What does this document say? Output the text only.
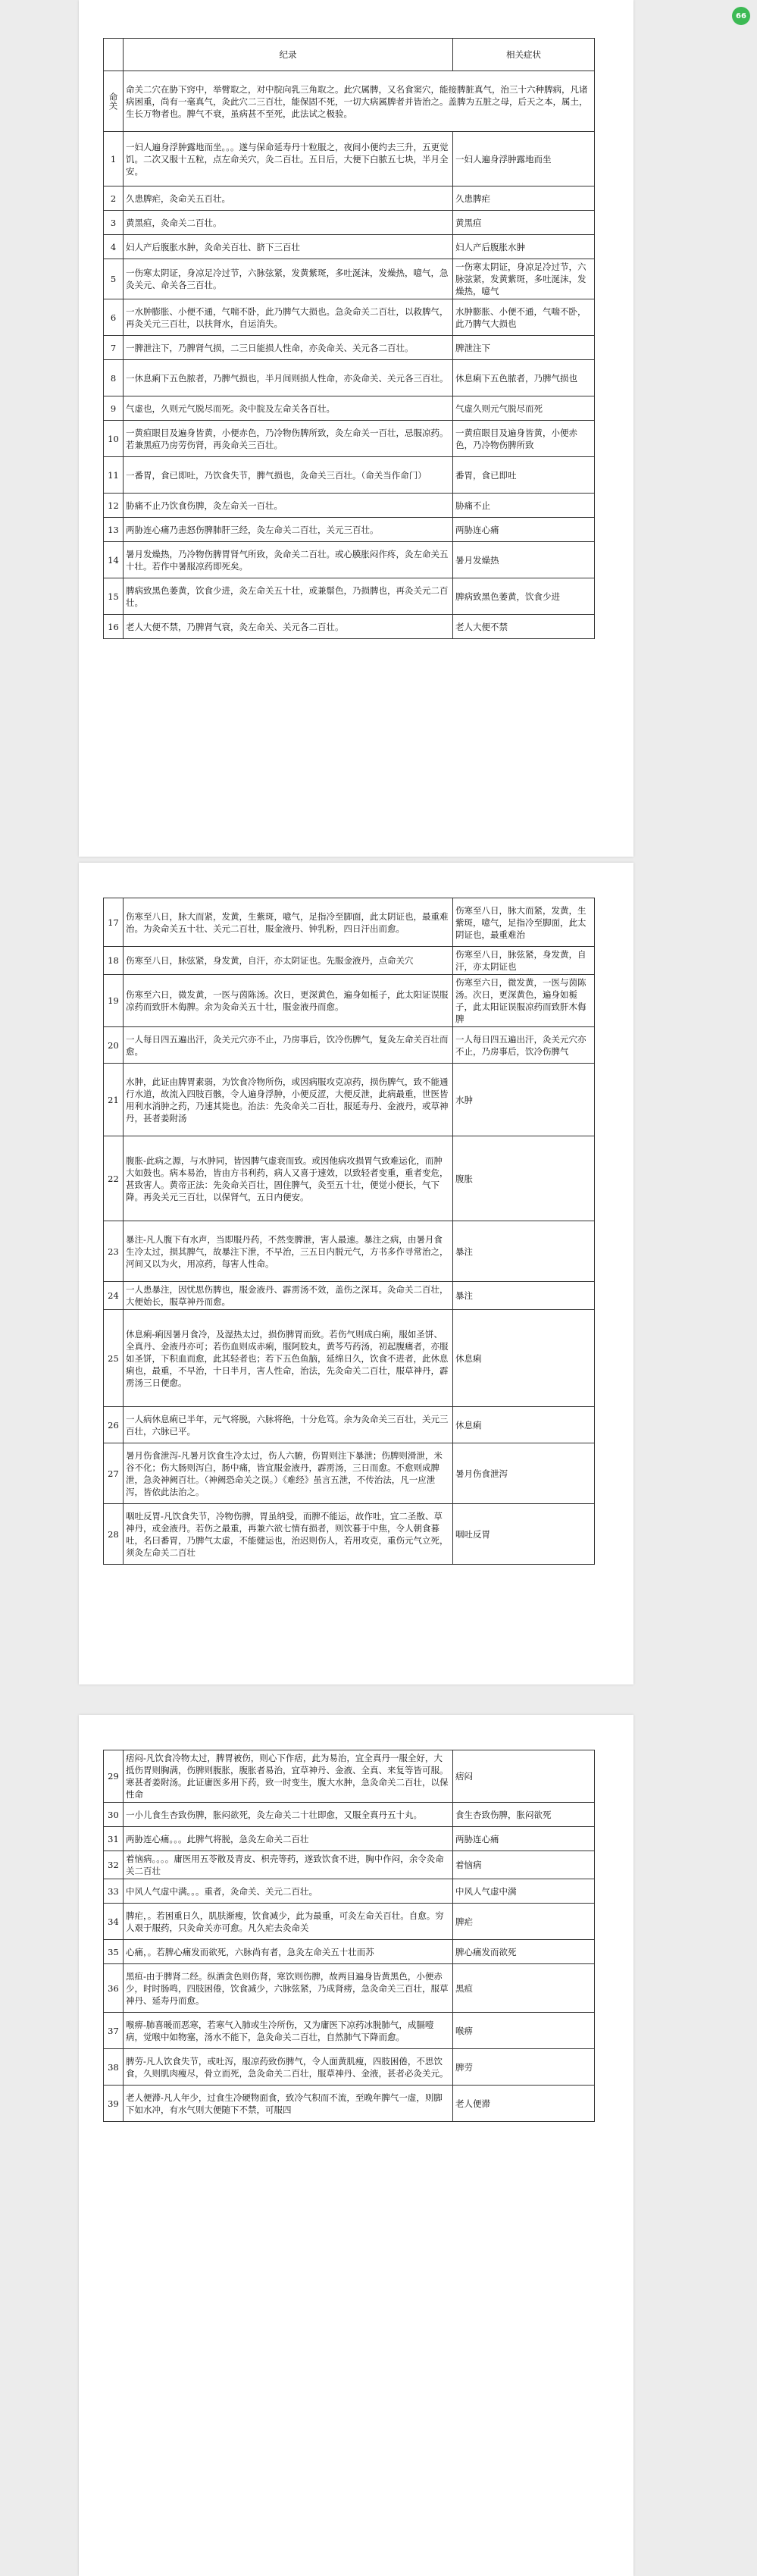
66
	纪录	相关症状
命关	命关二穴在胁下窍中，举臂取之，对中脘向乳三角取之。此穴属脾，又名食窦穴，能接脾脏真气，治三十六种脾病，凡诸病困重，尚有一毫真气，灸此穴二三百壮，能保固不死，一切大病属脾者并皆治之。盖脾为五脏之母，后天之本，属土，生长万物者也。脾气不衰，虽病甚不至死，此法试之极验。	
1	一妇人遍身浮肿露地而坐。。。遂与保命延寿丹十粒服之，夜间小便约去三升，五更觉饥。二次又服十五粒，点左命关穴，灸二百壮。五日后，大便下白脓五七块，半月全安。	一妇人遍身浮肿露地而坐
2	久患脾疟，灸命关五百壮。	久患脾疟
3	黄黑疸，灸命关二百壮。	黄黑疸
4	妇人产后腹胀水肿，灸命关百壮、脐下三百壮	妇人产后腹胀水肿
5	一伤寒太阴证，身凉足冷过节，六脉弦紧，发黄紫斑，多吐涎沫，发燥热，噫气，急灸关元、命关各三百壮。	一伤寒太阴证，身凉足冷过节，六脉弦紧，发黄紫斑，多吐涎沫，发燥热，噫气
6	一水肿膨胀、小便不通，气喘不卧，此乃脾气大损也。急灸命关二百壮，以救脾气，再灸关元三百壮，以扶肾水，自运消失。	水肿膨胀、小便不通，气喘不卧，此乃脾气大损也
7	一脾泄注下，乃脾肾气损，二三日能损人性命，亦灸命关、关元各二百壮。	脾泄注下
8	一休息痢下五色脓者，乃脾气损也，半月间则损人性命，亦灸命关、关元各三百壮。	休息痢下五色脓者，乃脾气损也
9	气虚也，久则元气脱尽而死。灸中脘及左命关各百壮。	气虚久则元气脱尽而死
10	一黄疸眼目及遍身皆黄，小便赤色，乃冷物伤脾所致，灸左命关一百壮，忌服凉药。若兼黑疸乃房劳伤肾，再灸命关三百壮。	一黄疸眼目及遍身皆黄，小便赤色，乃冷物伤脾所致
11	一番胃，食已即吐，乃饮食失节，脾气损也，灸命关三百壮。（命关当作命门）	番胃，食已即吐
12	胁痛不止乃饮食伤脾，灸左命关一百壮。	胁痛不止
13	两胁连心痛乃恚怒伤脾肺肝三经，灸左命关二百壮，关元三百壮。	两胁连心痛
14	暑月发燥热，乃冷物伤脾胃肾气所致，灸命关二百壮。或心膜胀闷作疼，灸左命关五十壮。若作中暑服凉药即死矣。	暑月发燥热
15	脾病致黑色萎黄，饮食少进，灸左命关五十壮，或兼鬃色，乃损脾也，再灸关元二百壮。	脾病致黑色萎黄，饮食少进
16	老人大便不禁，乃脾肾气衰，灸左命关、关元各二百壮。	老人大便不禁
17	伤寒至八日，脉大而紧，发黄，生紫斑，噫气，足指冷至脚面，此太阴证也，最重难治。为灸命关五十壮、关元二百壮，服金液丹、钟乳粉，四日汗出而愈。	伤寒至八日，脉大而紧，发黄，生紫斑，噫气，足指冷至脚面，此太阴证也，最重难治
18	伤寒至八日，脉弦紧，身发黄，自汗，亦太阴证也。先服金液丹，点命关穴	伤寒至八日，脉弦紧，身发黄，自汗，亦太阴证也
19	伤寒至六日，微发黄，一医与茵陈汤。次日，更深黄色，遍身如栀子，此太阳证误服凉药而致肝木侮脾。余为灸命关五十壮，服金液丹而愈。	伤寒至六日，微发黄，一医与茵陈汤。次日，更深黄色，遍身如栀子，此太阳证误服凉药而致肝木侮脾
20	一人每日四五遍出汗，灸关元穴亦不止，乃房事后，饮冷伤脾气，复灸左命关百壮而愈。	一人每日四五遍出汗，灸关元穴亦不止，乃房事后，饮冷伤脾气
21	水肿，此证由脾胃素弱，为饮食冷物所伤，或因病服攻克凉药，损伤脾气，致不能通行水道，故流入四肢百骸，令人遍身浮肿，小便反涩，大便反泄，此病最重，世医皆用利水消肿之药，乃速其毙也。治法：先灸命关二百壮，服延寿丹、金液丹，或草神丹，甚者姜附汤	水肿
22	腹胀-此病之源，与水肿同，皆因脾气虚衰而致。或因他病攻损胃气致难运化，而肿大如鼓也。病本易治，皆由方书利药，病人又喜于速效，以致轻者变重，重者变危，甚致害人。黄帝正法：先灸命关百壮，固住脾气，灸至五十壮，便觉小便长，气下降。再灸关元三百壮，以保肾气，五日内便安。	腹胀
23	暴注-凡人腹下有水声，当即服丹药，不然变脾泄，害人最速。暴注之病，由暑月食生冷太过，损其脾气，故暴注下泄，不早治，三五日内脱元气，方书多作寻常治之，河间又以为火，用凉药，每害人性命。	暴注
24	一人患暴注，因忧思伤脾也，服金液丹、霹雳汤不效，盖伤之深耳。灸命关二百壮，大便始长，服草神丹而愈。	暴注
25	休息痢-痢因暑月食冷，及湿热太过，损伤脾胃而致。若伤气则成白痢，服如圣饼、全真丹、金液丹亦可；若伤血则成赤痢，服阿胶丸，黄芩芍药汤，初起腹痛者，亦服如圣饼，下积血而愈，此其轻者也；若下五色鱼脑，延绵日久，饮食不进者，此休息痢也，最重，不早治，十日半月，害人性命，治法，先灸命关二百壮，服草神丹，霹雳汤三日便愈。	休息痢
26	一人病休息痢已半年，元气将脱，六脉将绝，十分危笃。余为灸命关三百壮，关元三百壮，六脉已平。	休息痢
27	暑月伤食泄泻-凡暑月饮食生冷太过，伤人六腑，伤胃则注下暴泄；伤脾则滑泄，米谷不化；伤大肠则泻白，肠中痛，皆宜服金液丹，霹雳汤，三日而愈。不愈则成脾泄，急灸神阙百壮。（神阙恐命关之误。）《难经》虽言五泄，不传治法，凡一应泄泻，皆依此法治之。	暑月伤食泄泻
28	咽吐反胃-凡饮食失节，冷物伤脾，胃虽纳受，而脾不能运，故作吐，宜二圣散、草神丹，或金液丹。若伤之最重，再兼六欲七情有损者，则饮暮于中焦，令人朝食暮吐，名曰番胃，乃脾气太虚，不能健运也，治迟则伤人，若用攻克，重伤元气立死，须灸左命关二百壮	咽吐反胃
29	痞闷-凡饮食冷物太过，脾胃被伤，则心下作痞，此为易治，宜全真丹一服全好，大抵伤胃则胸满，伤脾则腹胀，腹胀者易治，宜草神丹、金液、全真、来复等皆可服。寒甚者姜附汤。此证庸医多用下药，致一时变生，腹大水肿，急灸命关二百壮，以保性命	痞闷
30	一小儿食生杏致伤脾，胀闷欲死，灸左命关二十壮即愈，又服全真丹五十丸。	食生杏致伤脾，胀闷欲死
31	两胁连心痛。。。此脾气将脱，急灸左命关二百壮	两胁连心痛
32	着恼病。。。。庸医用五苓散及青皮、枳壳等药，遂致饮食不进，胸中作闷，余令灸命关二百壮	着恼病
33	中风人气虚中满。。。重者，灸命关、关元二百壮。	中风人气虚中满
34	脾疟，。若困重日久，肌肤渐瘦，饮食减少，此为最重，可灸左命关百壮。自愈。穷人艰于服药，只灸命关亦可愈。凡久疟去灸命关	脾疟
35	心痛，。若脾心痛发而欲死，六脉尚有者，急灸左命关五十壮而苏	脾心痛发而欲死
36	黑疸-由于脾肾二经。纵酒贪色则伤肾，寒饮则伤脾，故两目遍身皆黄黑色，小便赤少，时时肠鸣，四肢困倦，饮食减少，六脉弦紧，乃成肾痨，急灸命关三百壮，服草神丹、延寿丹而愈。	黑疸
37	喉痹-肺喜暖而恶寒，若寒气入肺或生冷所伤，又为庸医下凉药冰脱肺气，成膈噎病，觉喉中如物塞，汤水不能下，急灸命关二百壮，自然肺气下降而愈。	喉痹
38	脾劳-凡人饮食失节，或吐泻，服凉药致伤脾气，令人面黄肌瘦，四肢困倦，不思饮食，久则肌肉瘦尽，骨立而死，急灸命关二百壮，服草神丹、金液，甚者必灸关元。	脾劳
39	老人便滞-凡人年少，过食生冷硬物面食，致冷气积而不流，至晚年脾气一虚，则脚下如水冲，有水气则大便随下不禁，可服四	老人便滞
